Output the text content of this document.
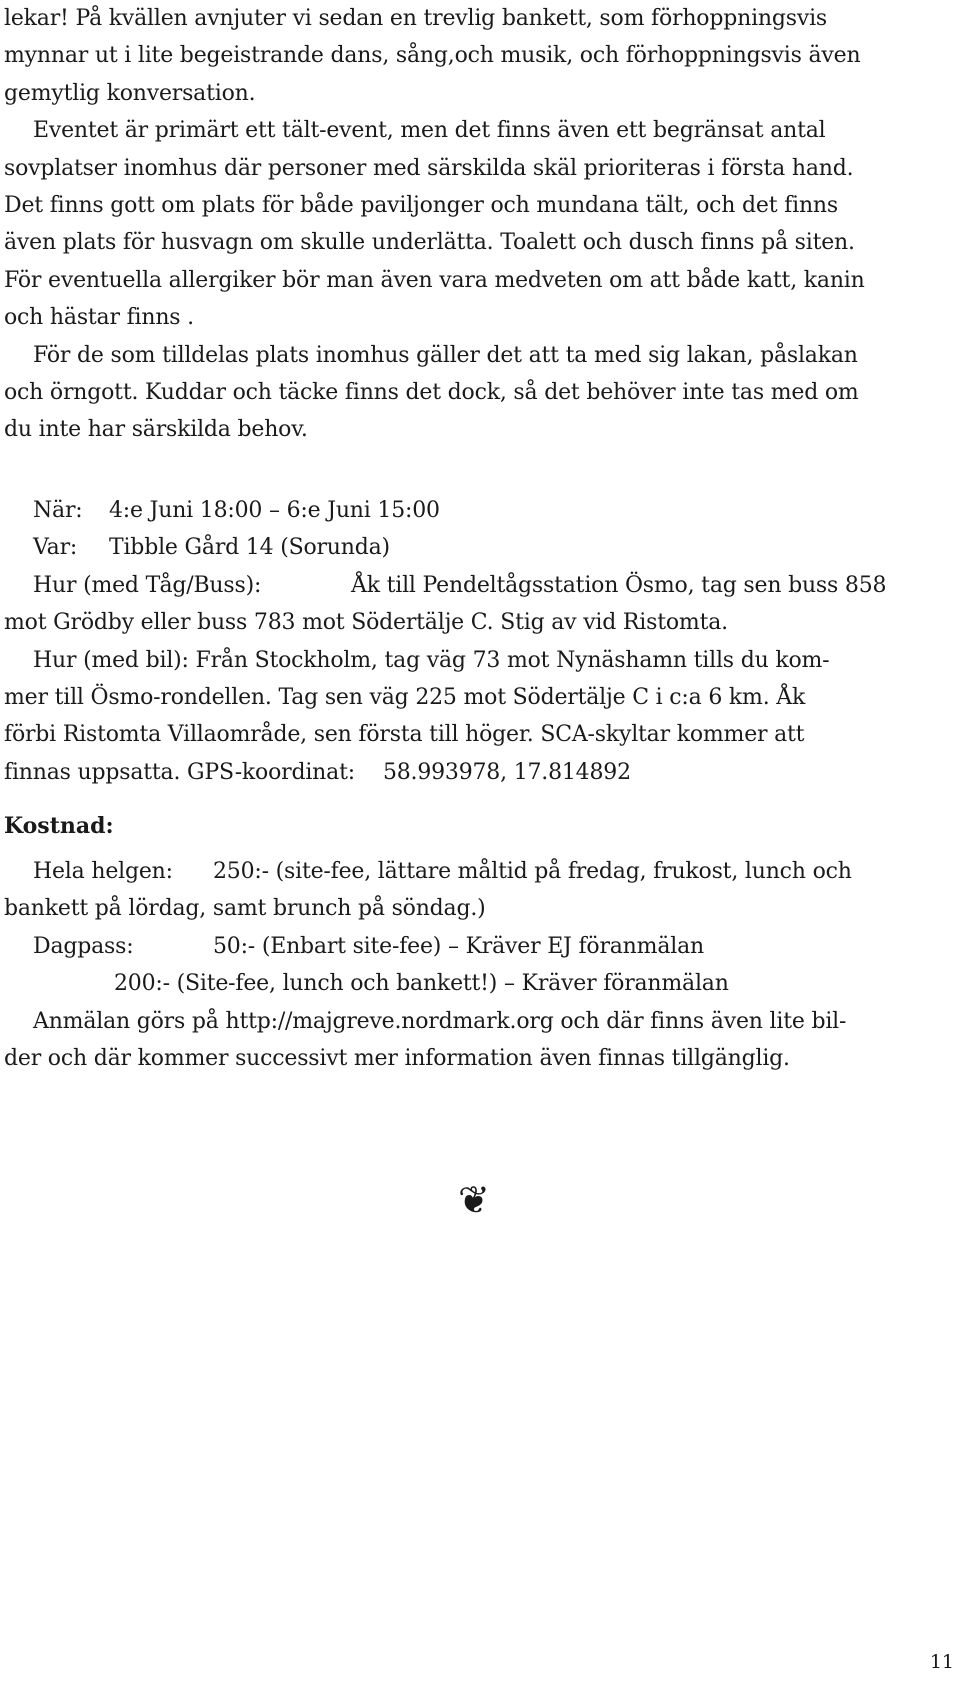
lekar! På kvällen avnjuter vi sedan en trevlig bankett, som förhoppningsvis
mynnar ut i lite begeistrande dans, sång,och musik, och förhoppningsvis även
gemytlig konversation.
Eventet är primärt ett tält-event, men det finns även ett begränsat antal
sovplatser inomhus där personer med särskilda skäl prioriteras i första hand.
Det finns gott om plats för både paviljonger och mundana tält, och det finns
även plats för husvagn om skulle underlätta. Toalett och dusch finns på siten.
För eventuella allergiker bör man även vara medveten om att både katt, kanin
och hästar finns .
För de som tilldelas plats inomhus gäller det att ta med sig lakan, påslakan
och örngott. Kuddar och täcke finns det dock, så det behöver inte tas med om
du inte har särskilda behov.
När: 4:e Juni 18:00 – 6:e Juni 15:00
Var: Tibble Gård 14 (Sorunda)
Hur (med Tåg/Buss):	Åk till Pendeltågsstation Ösmo, tag sen buss 858
mot Grödby eller buss 783 mot Södertälje C. Stig av vid Ristomta.
Hur (med bil): Från Stockholm, tag väg 73 mot Nynäshamn tills du kom-
mer till Ösmo-rondellen. Tag sen väg 225 mot Södertälje C i c:a 6 km. Åk
förbi Ristomta Villaområde, sen första till höger. SCA-skyltar kommer att
finnas uppsatta. GPS-koordinat: 58.993978, 17.814892
Kostnad:
Hela helgen: 250:- (site-fee, lättare måltid på fredag, frukost, lunch och
bankett på lördag, samt brunch på söndag.)
Dagpass:	50:- (Enbart site-fee) – Kräver EJ föranmälan
200:- (Site-fee, lunch och bankett!) – Kräver föranmälan
Anmälan görs på http://majgreve.nordmark.org och där finns även lite bil-
der och där kommer successivt mer information även finnas tillgänglig.
❦
11
